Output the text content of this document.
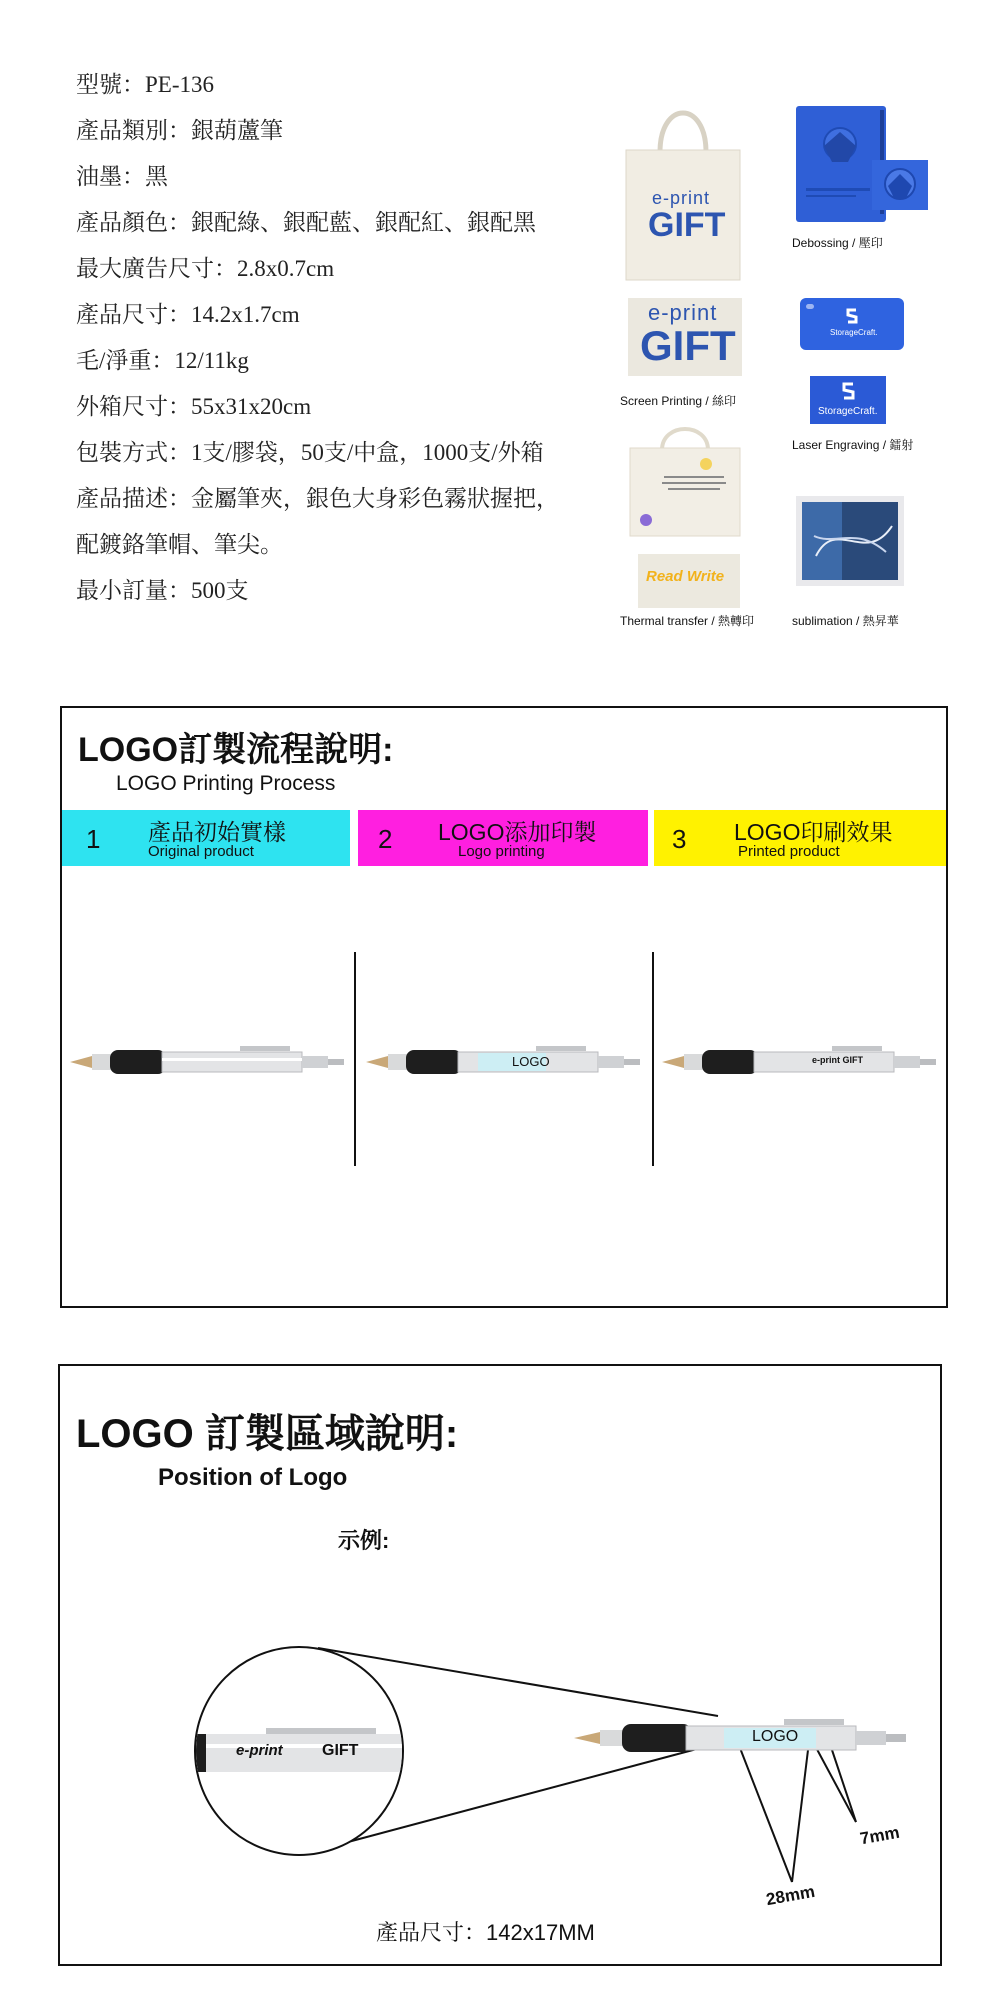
型號：PE-136
產品類別：銀葫蘆筆
油墨：黑
產品顏色：銀配綠、銀配藍、銀配紅、銀配黑
最大廣告尺寸：2.8x0.7cm
產品尺寸：14.2x1.7cm
毛/淨重：12/11kg
外箱尺寸：55x31x20cm
包裝方式：1支/膠袋，50支/中盒，1000支/外箱
產品描述：金屬筆夾，銀色大身彩色霧狀握把，
配鍍鉻筆帽、筆尖。
最小訂量：500支
e-print
GIFT
e-print
GIFT
Screen Printing / 絲印
Debossing / 壓印
StorageCraft.
StorageCraft.
Laser Engraving / 鐳射
Read Write
Thermal transfer / 熱轉印	sublimation / 熱昇華
LOGO訂製流程說明:
LOGO Printing Process
1 產品初始實樣
Original product	2 LOGO添加印製
Logo printing	3 LOGO印刷效果
Printed product
LOGO	e-print GIFT
LOGO 訂製區域說明:
Position of Logo
示例:
e-print GIFT
LOGO
7mm
28mm
產品尺寸：142x17MM
